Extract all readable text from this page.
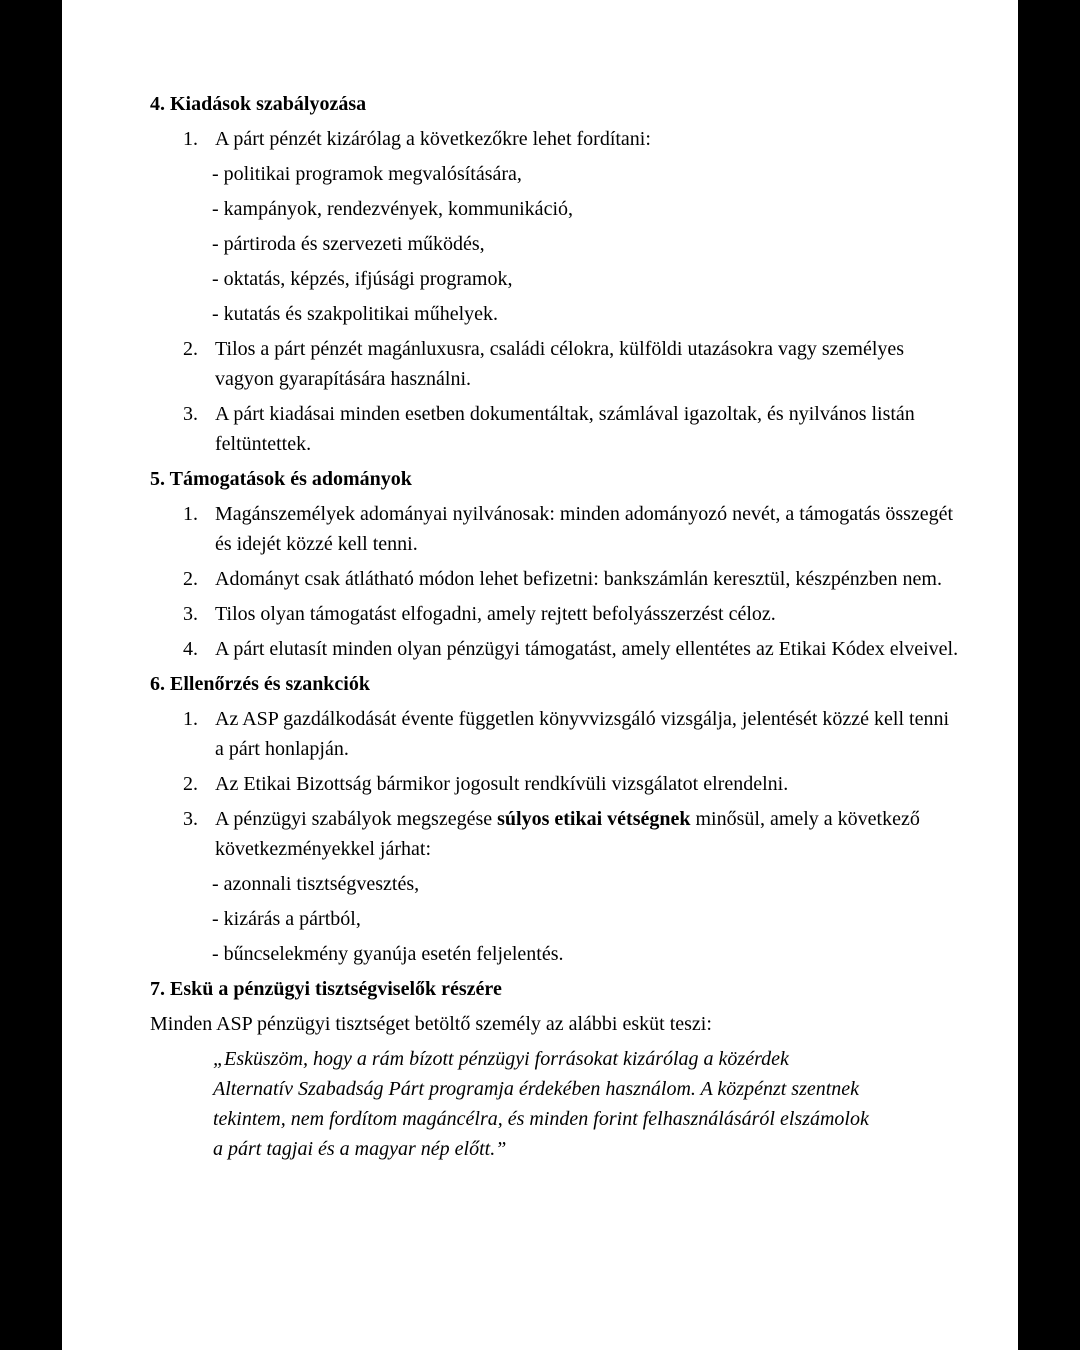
4. Kiadások szabályozása
1. A párt pénzét kizárólag a következőkre lehet fordítani:
- politikai programok megvalósítására,
- kampányok, rendezvények, kommunikáció,
- pártiroda és szervezeti működés,
- oktatás, képzés, ifjúsági programok,
- kutatás és szakpolitikai műhelyek.
2. Tilos a párt pénzét magánluxusra, családi célokra, külföldi utazásokra vagy személyes
vagyon gyarapítására használni.
3. A párt kiadásai minden esetben dokumentáltak, számlával igazoltak, és nyilvános listán
feltüntettek.
5. Támogatások és adományok
1. Magánszemélyek adományai nyilvánosak: minden adományozó nevét, a támogatás összegét
és idejét közzé kell tenni.
2. Adományt csak átlátható módon lehet befizetni: bankszámlán keresztül, készpénzben nem.
3. Tilos olyan támogatást elfogadni, amely rejtett befolyásszerzést céloz.
4. A párt elutasít minden olyan pénzügyi támogatást, amely ellentétes az Etikai Kódex elveivel.
6. Ellenőrzés és szankciók
1. Az ASP gazdálkodását évente független könyvvizsgáló vizsgálja, jelentését közzé kell tenni
a párt honlapján.
2. Az Etikai Bizottság bármikor jogosult rendkívüli vizsgálatot elrendelni.
3. A pénzügyi szabályok megszegése súlyos etikai vétségnek minősül, amely a következő
következményekkel járhat:
- azonnali tisztségvesztés,
- kizárás a pártból,
- bűncselekmény gyanúja esetén feljelentés.
7. Eskü a pénzügyi tisztségviselők részére
Minden ASP pénzügyi tisztséget betöltő személy az alábbi esküt teszi:
„Esküszöm, hogy a rám bízott pénzügyi forrásokat kizárólag a közérdek
Alternatív Szabadság Párt programja érdekében használom. A közpénzt szentnek
tekintem, nem fordítom magáncélra, és minden forint felhasználásáról elszámolok
a párt tagjai és a magyar nép előtt.”
